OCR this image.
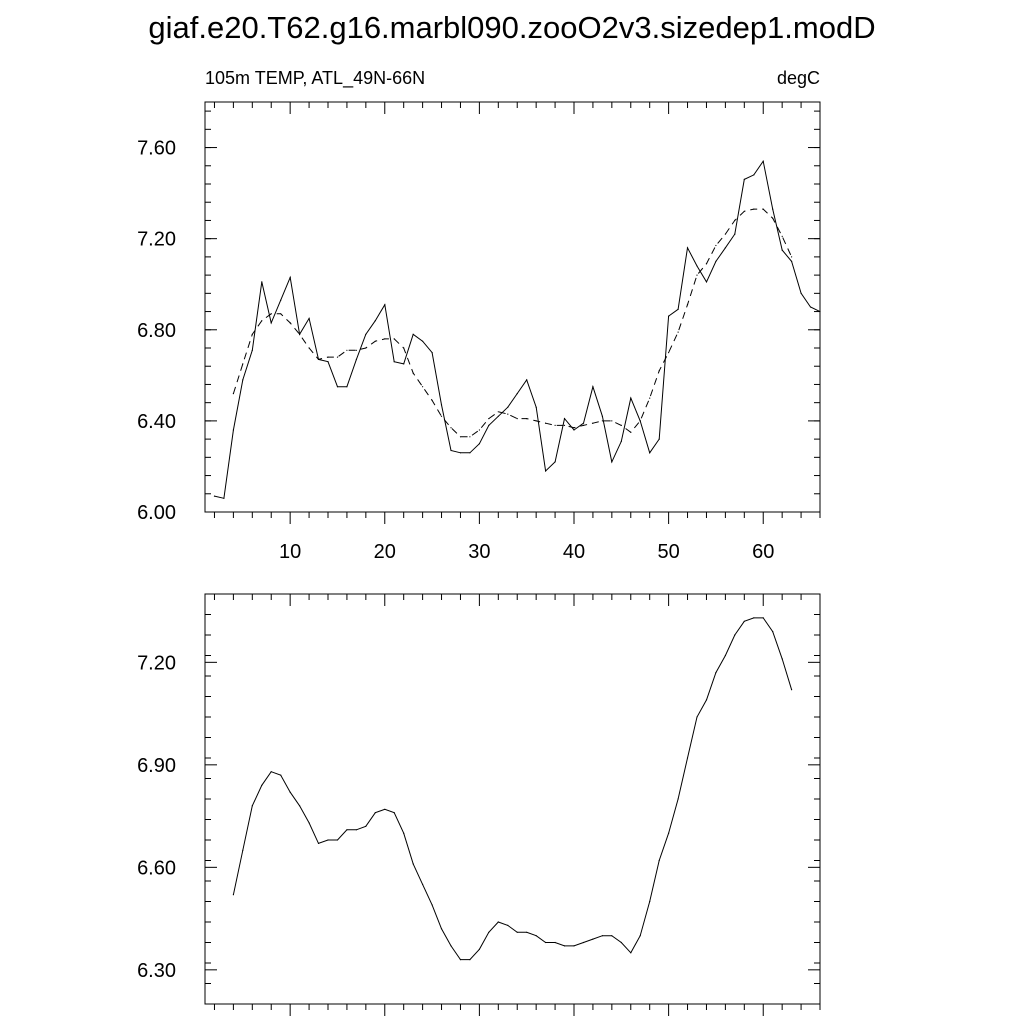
giaf.e20.T62.g16.marbl090.zooO2v3.sizedep1.modD
105m TEMP, ATL_49N-66N	degC
6.00
6.40
6.80
7.20
7.60
10	20	30	40	50	60
6.30
6.60
6.90
7.20
